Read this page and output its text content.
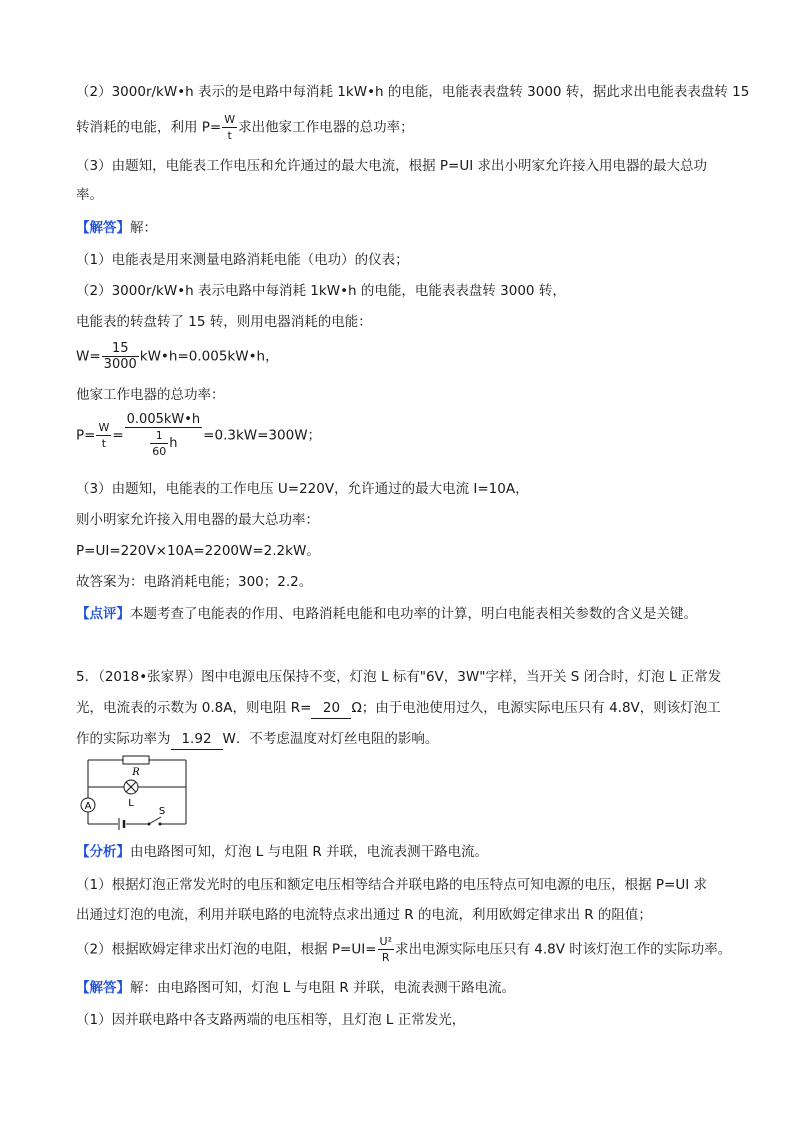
（2）3000r/kW•h 表示的是电路中每消耗 1kW•h 的电能，电能表表盘转 3000 转，据此求出电能表表盘转 15
转消耗的电能，利用 $P= \frac{W}{t}$ 求出他家工作电器的总功率；
（3）由题知，电能表工作电压和允许通过的最大电流，根据 P=UI 求出小明家允许接入用电器的最大总功
率。
【解答】解：
（1）电能表是用来测量电路消耗电能（电功）的仪表；
（2）3000r/kW•h 表示电路中每消耗 1kW•h 的电能，电能表表盘转 3000 转，
电能表的转盘转了 15 转，则用电器消耗的电能：
$W= \frac{15}{3000}$ kW•h=0.005kW•h，
他家工作电器的总功率：
$P= \frac{W}{t} = \frac{0.005kW•h}{\frac{1}{60} h} =0.3kW=300W$；
（3）由题知，电能表的工作电压 U=220V，允许通过的最大电流 I=10A，
则小明家允许接入用电器的最大总功率：
P=UI=220V×10A=2200W=2.2kW。
故答案为：电路消耗电能；300；2.2。
【点评】本题考查了电能表的作用、电路消耗电能和电功率的计算，明白电能表相关参数的含义是关键。
5．（2018•张家界）图中电源电压保持不变，灯泡 L 标有"6V，3W"字样，当开关 S 闭合时，灯泡 L 正常发
光，电流表的示数为 0.8A，则电阻 R= 20 Ω；由于电池使用过久，电源实际电压只有 4.8V，则该灯泡工
作的实际功率为 1.92 W．不考虑温度对灯丝电阻的影响。
R
L
A	S
【分析】由电路图可知，灯泡 L 与电阻 R 并联，电流表测干路电流。
（1）根据灯泡正常发光时的电压和额定电压相等结合并联电路的电压特点可知电源的电压，根据 P=UI 求
出通过灯泡的电流，利用并联电路的电流特点求出通过 R 的电流，利用欧姆定律求出 R 的阻值；
（2）根据欧姆定律求出灯泡的电阻，根据 $P=UI= \frac{\text{U²}}{R}$ 求出电源实际电压只有 4.8V 时该灯泡工作的实际功率。
【解答】解：由电路图可知，灯泡 L 与电阻 R 并联，电流表测干路电流。
（1）因并联电路中各支路两端的电压相等，且灯泡 L 正常发光，
